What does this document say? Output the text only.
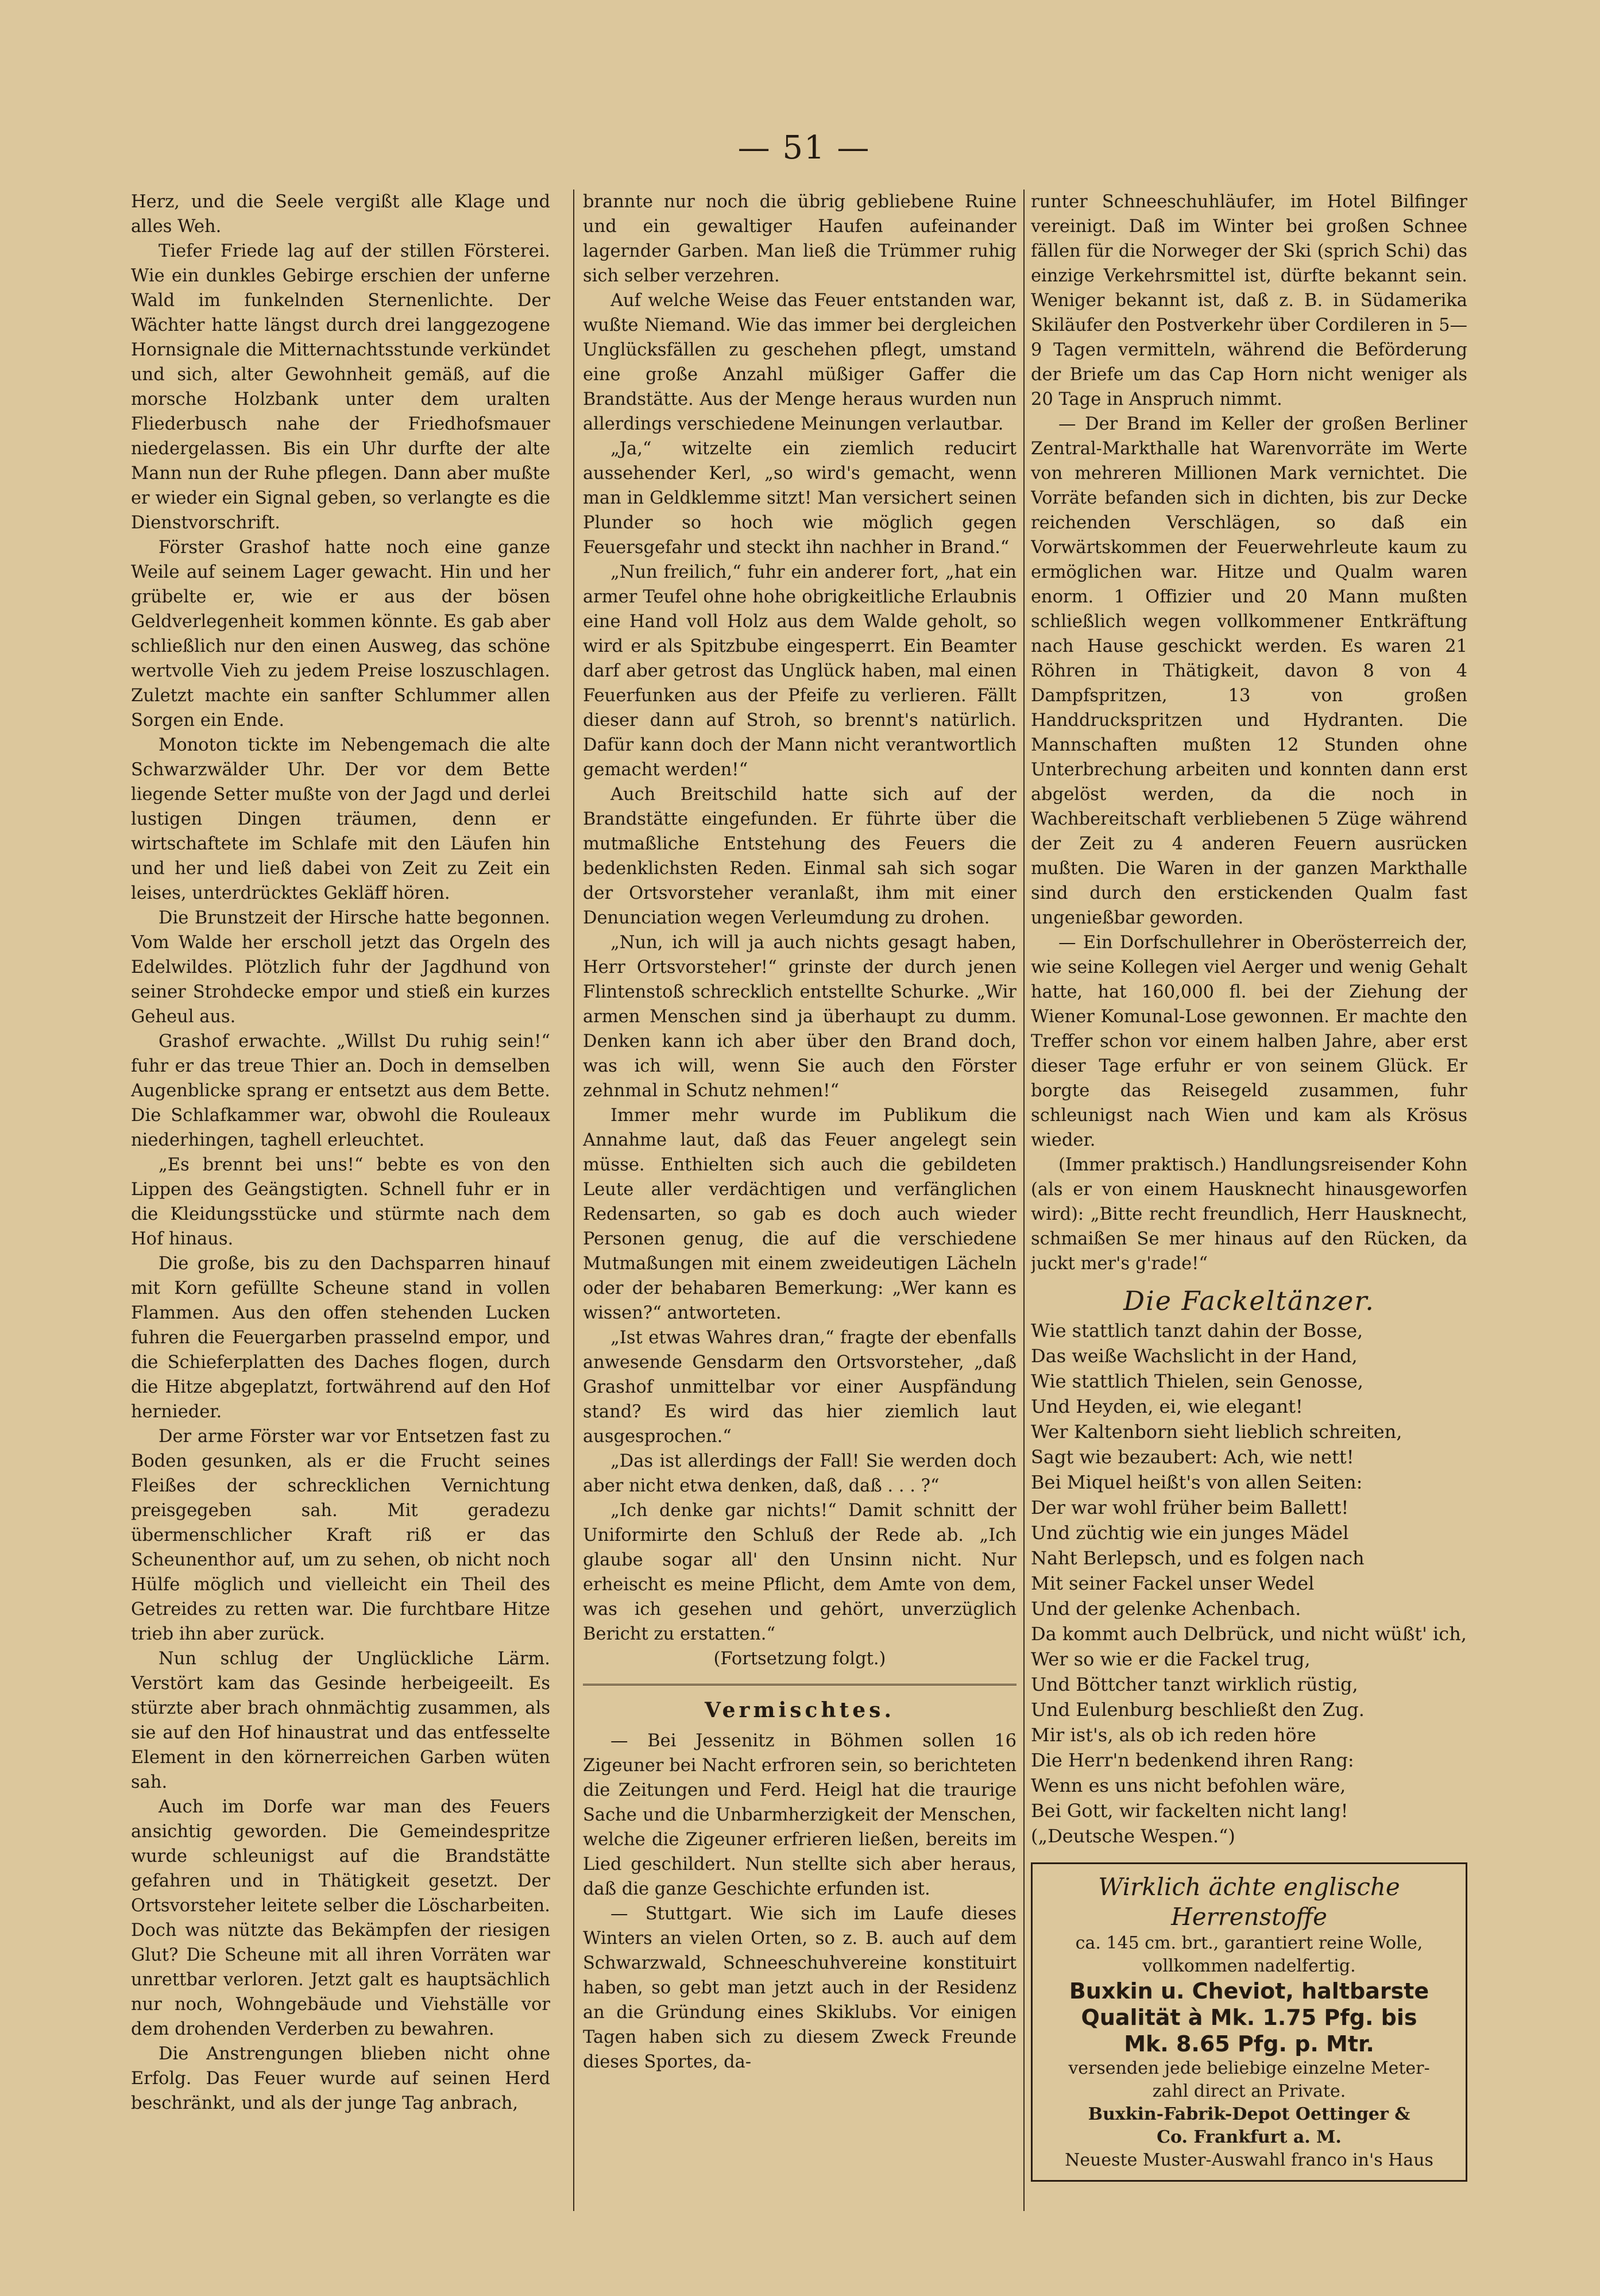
— 51 —

Herz, und die Seele vergißt alle Klage und alles Weh.

Tiefer Friede lag auf der stillen Försterei. Wie ein dunkles Gebirge erschien der unferne Wald im funkelnden Sternenlichte. Der Wächter hatte längst durch drei langgezogene Hornsignale die Mitternachtsstunde verkündet und sich, alter Gewohnheit gemäß, auf die morsche Holzbank unter dem uralten Fliederbusch nahe der Friedhofsmauer niedergelassen. Bis ein Uhr durfte der alte Mann nun der Ruhe pflegen. Dann aber mußte er wieder ein Signal geben, so verlangte es die Dienstvorschrift.

Förster Grashof hatte noch eine ganze Weile auf seinem Lager gewacht. Hin und her grübelte er, wie er aus der bösen Geldverlegenheit kommen könnte. Es gab aber schließlich nur den einen Ausweg, das schöne wertvolle Vieh zu jedem Preise loszuschlagen. Zuletzt machte ein sanfter Schlummer allen Sorgen ein Ende.

Monoton tickte im Nebengemach die alte Schwarzwälder Uhr. Der vor dem Bette liegende Setter mußte von der Jagd und derlei lustigen Dingen träumen, denn er wirtschaftete im Schlafe mit den Läufen hin und her und ließ dabei von Zeit zu Zeit ein leises, unterdrücktes Gekläff hören.

Die Brunstzeit der Hirsche hatte begonnen. Vom Walde her erscholl jetzt das Orgeln des Edelwildes. Plötzlich fuhr der Jagdhund von seiner Strohdecke empor und stieß ein kurzes Geheul aus.

Grashof erwachte. „Willst Du ruhig sein!“ fuhr er das treue Thier an. Doch in demselben Augenblicke sprang er entsetzt aus dem Bette. Die Schlafkammer war, obwohl die Rouleaux niederhingen, taghell erleuchtet.

„Es brennt bei uns!“ bebte es von den Lippen des Geängstigten. Schnell fuhr er in die Kleidungsstücke und stürmte nach dem Hof hinaus.

Die große, bis zu den Dachsparren hinauf mit Korn gefüllte Scheune stand in vollen Flammen. Aus den offen stehenden Lucken fuhren die Feuergarben prasselnd empor, und die Schieferplatten des Daches flogen, durch die Hitze abgeplatzt, fortwährend auf den Hof hernieder.

Der arme Förster war vor Entsetzen fast zu Boden gesunken, als er die Frucht seines Fleißes der schrecklichen Vernichtung preisgegeben sah. Mit geradezu übermenschlicher Kraft riß er das Scheunenthor auf, um zu sehen, ob nicht noch Hülfe möglich und vielleicht ein Theil des Getreides zu retten war. Die furchtbare Hitze trieb ihn aber zurück.

Nun schlug der Unglückliche Lärm. Verstört kam das Gesinde herbeigeeilt. Es stürzte aber brach ohnmächtig zusammen, als sie auf den Hof hinaustrat und das entfesselte Element in den körnerreichen Garben wüten sah.

Auch im Dorfe war man des Feuers ansichtig geworden. Die Gemeindespritze wurde schleunigst auf die Brandstätte gefahren und in Thätigkeit gesetzt. Der Ortsvorsteher leitete selber die Löscharbeiten. Doch was nützte das Bekämpfen der riesigen Glut? Die Scheune mit all ihren Vorräten war unrettbar verloren. Jetzt galt es hauptsächlich nur noch, Wohngebäude und Viehställe vor dem drohenden Verderben zu bewahren.

Die Anstrengungen blieben nicht ohne Erfolg. Das Feuer wurde auf seinen Herd beschränkt, und als der junge Tag anbrach,

brannte nur noch die übrig gebliebene Ruine und ein gewaltiger Haufen aufeinander lagernder Garben. Man ließ die Trümmer ruhig sich selber verzehren.

Auf welche Weise das Feuer entstanden war, wußte Niemand. Wie das immer bei dergleichen Unglücksfällen zu geschehen pflegt, umstand eine große Anzahl müßiger Gaffer die Brandstätte. Aus der Menge heraus wurden nun allerdings verschiedene Meinungen verlautbar.

„Ja,“ witzelte ein ziemlich reducirt aussehender Kerl, „so wird's gemacht, wenn man in Geldklemme sitzt! Man versichert seinen Plunder so hoch wie möglich gegen Feuersgefahr und steckt ihn nachher in Brand.“

„Nun freilich,“ fuhr ein anderer fort, „hat ein armer Teufel ohne hohe obrigkeitliche Erlaubnis eine Hand voll Holz aus dem Walde geholt, so wird er als Spitzbube eingesperrt. Ein Beamter darf aber getrost das Unglück haben, mal einen Feuerfunken aus der Pfeife zu verlieren. Fällt dieser dann auf Stroh, so brennt's natürlich. Dafür kann doch der Mann nicht verantwortlich gemacht werden!“

Auch Breitschild hatte sich auf der Brandstätte eingefunden. Er führte über die mutmaßliche Entstehung des Feuers die bedenklichsten Reden. Einmal sah sich sogar der Ortsvorsteher veranlaßt, ihm mit einer Denunciation wegen Verleumdung zu drohen.

„Nun, ich will ja auch nichts gesagt haben, Herr Ortsvorsteher!“ grinste der durch jenen Flintenstoß schrecklich entstellte Schurke. „Wir armen Menschen sind ja überhaupt zu dumm. Denken kann ich aber über den Brand doch, was ich will, wenn Sie auch den Förster zehnmal in Schutz nehmen!“

Immer mehr wurde im Publikum die Annahme laut, daß das Feuer angelegt sein müsse. Enthielten sich auch die gebildeten Leute aller verdächtigen und verfänglichen Redensarten, so gab es doch auch wieder Personen genug, die auf die verschiedene Mutmaßungen mit einem zweideutigen Lächeln oder der behabaren Bemerkung: „Wer kann es wissen?“ antworteten.

„Ist etwas Wahres dran,“ fragte der ebenfalls anwesende Gensdarm den Ortsvorsteher, „daß Grashof unmittelbar vor einer Auspfändung stand? Es wird das hier ziemlich laut ausgesprochen.“

„Das ist allerdings der Fall! Sie werden doch aber nicht etwa denken, daß, daß . . . ?“

„Ich denke gar nichts!“ Damit schnitt der Uniformirte den Schluß der Rede ab. „Ich glaube sogar all' den Unsinn nicht. Nur erheischt es meine Pflicht, dem Amte von dem, was ich gesehen und gehört, unverzüglich Bericht zu erstatten.“

(Fortsetzung folgt.)

Vermischtes.

— Bei Jessenitz in Böhmen sollen 16 Zigeuner bei Nacht erfroren sein, so berichteten die Zeitungen und Ferd. Heigl hat die traurige Sache und die Unbarmherzigkeit der Menschen, welche die Zigeuner erfrieren ließen, bereits im Lied geschildert. Nun stellte sich aber heraus, daß die ganze Geschichte erfunden ist.

— Stuttgart. Wie sich im Laufe dieses Winters an vielen Orten, so z. B. auch auf dem Schwarzwald, Schneeschuhvereine konstituirt haben, so gebt man jetzt auch in der Residenz an die Gründung eines Skiklubs. Vor einigen Tagen haben sich zu diesem Zweck Freunde dieses Sportes, da-

runter Schneeschuhläufer, im Hotel Bilfinger vereinigt. Daß im Winter bei großen Schnee fällen für die Norweger der Ski (sprich Schi) das einzige Verkehrsmittel ist, dürfte bekannt sein. Weniger bekannt ist, daß z. B. in Südamerika Skiläufer den Postverkehr über Cordileren in 5—9 Tagen vermitteln, während die Beförderung der Briefe um das Cap Horn nicht weniger als 20 Tage in Anspruch nimmt.

— Der Brand im Keller der großen Berliner Zentral-Markthalle hat Warenvorräte im Werte von mehreren Millionen Mark vernichtet. Die Vorräte befanden sich in dichten, bis zur Decke reichenden Verschlägen, so daß ein Vorwärtskommen der Feuerwehrleute kaum zu ermöglichen war. Hitze und Qualm waren enorm. 1 Offizier und 20 Mann mußten schließlich wegen vollkommener Entkräftung nach Hause geschickt werden. Es waren 21 Röhren in Thätigkeit, davon 8 von 4 Dampfspritzen, 13 von großen Handdruckspritzen und Hydranten. Die Mannschaften mußten 12 Stunden ohne Unterbrechung arbeiten und konnten dann erst abgelöst werden, da die noch in Wachbereitschaft verbliebenen 5 Züge während der Zeit zu 4 anderen Feuern ausrücken mußten. Die Waren in der ganzen Markthalle sind durch den erstickenden Qualm fast ungenießbar geworden.

— Ein Dorfschullehrer in Oberösterreich der, wie seine Kollegen viel Aerger und wenig Gehalt hatte, hat 160,000 fl. bei der Ziehung der Wiener Komunal-Lose gewonnen. Er machte den Treffer schon vor einem halben Jahre, aber erst dieser Tage erfuhr er von seinem Glück. Er borgte das Reisegeld zusammen, fuhr schleunigst nach Wien und kam als Krösus wieder.

(Immer praktisch.) Handlungsreisender Kohn (als er von einem Hausknecht hinausgeworfen wird): „Bitte recht freundlich, Herr Hausknecht, schmaißen Se mer hinaus auf den Rücken, da juckt mer's g'rade!“

Die Fackeltänzer.

Wie stattlich tanzt dahin der Bosse,

Das weiße Wachslicht in der Hand,

Wie stattlich Thielen, sein Genosse,

Und Heyden, ei, wie elegant!

Wer Kaltenborn sieht lieblich schreiten,

Sagt wie bezaubert: Ach, wie nett!

Bei Miquel heißt's von allen Seiten:

Der war wohl früher beim Ballett!

Und züchtig wie ein junges Mädel

Naht Berlepsch, und es folgen nach

Mit seiner Fackel unser Wedel

Und der gelenke Achenbach.

Da kommt auch Delbrück, und nicht wüßt' ich,

Wer so wie er die Fackel trug,

Und Böttcher tanzt wirklich rüstig,

Und Eulenburg beschließt den Zug.

Mir ist's, als ob ich reden höre

Die Herr'n bedenkend ihren Rang:

Wenn es uns nicht befohlen wäre,

Bei Gott, wir fackelten nicht lang!

(„Deutsche Wespen.“)

Wirklich ächte englische
Herrenstoffe
ca. 145 cm. brt., garantiert reine Wolle,
vollkommen nadelfertig.
Buxkin u. Cheviot, haltbarste
Qualität à Mk. 1.75 Pfg. bis
Mk. 8.65 Pfg. p. Mtr.
versenden jede beliebige einzelne Meter-
zahl direct an Private.
Buxkin-Fabrik-Depot Oettinger &
Co. Frankfurt a. M.
Neueste Muster-Auswahl franco in's Haus
